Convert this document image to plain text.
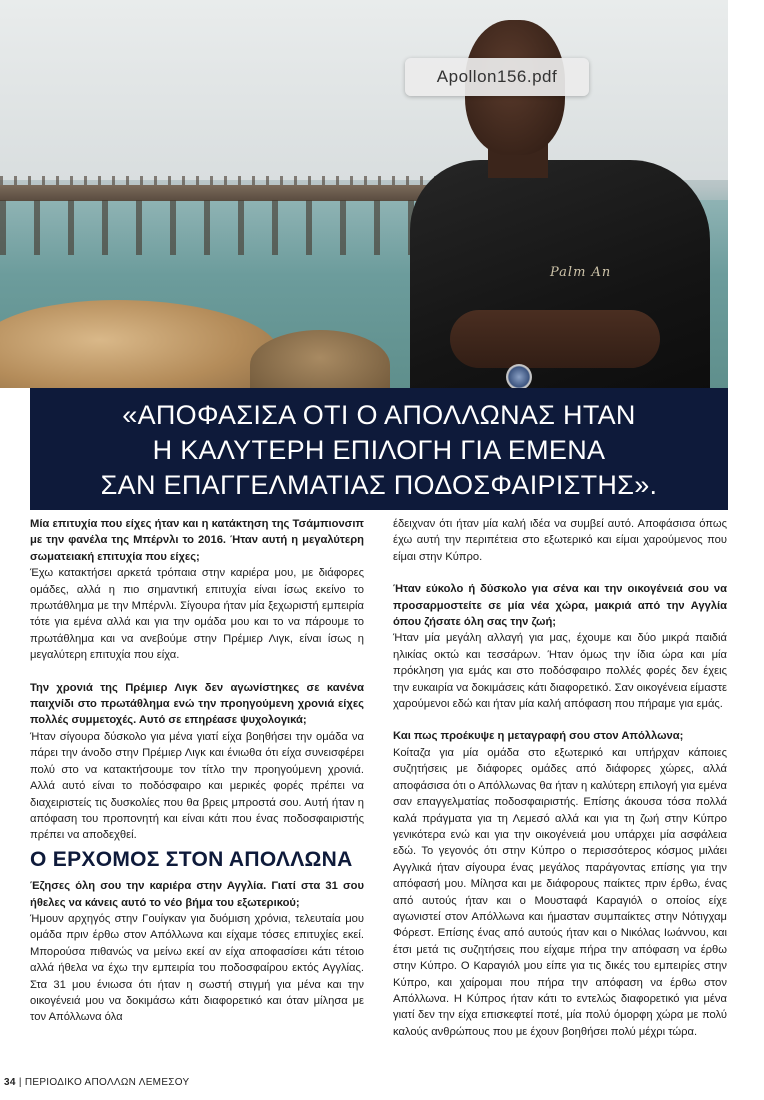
Palm An
Apollon156.pdf
«ΑΠΟΦΑΣΙΣΑ ΟΤΙ Ο ΑΠΟΛΛΩΝΑΣ ΗΤΑΝ
Η ΚΑΛΥΤΕΡΗ ΕΠΙΛΟΓΗ ΓΙΑ ΕΜΕΝΑ
ΣΑΝ ΕΠΑΓΓΕΛΜΑΤΙΑΣ ΠΟΔΟΣΦΑΙΡΙΣΤΗΣ».

Μία επιτυχία που είχες ήταν και η κατάκτηση της Τσάμπιονσιπ με την φανέλα της Μπέρνλι το 2016. Ήταν αυτή η μεγαλύτερη σωματειακή επιτυχία που είχες;

Έχω κατακτήσει αρκετά τρόπαια στην καριέρα μου, με διάφορες ομάδες, αλλά η πιο σημαντική επιτυχία είναι ίσως εκείνο το πρωτάθλημα με την Μπέρνλι. Σίγουρα ήταν μία ξεχωριστή εμπειρία τότε για εμένα αλλά και για την ομάδα μου και το να πάρουμε το πρωτάθλημα και να ανεβούμε στην Πρέμιερ Λιγκ, είναι ίσως η μεγαλύτερη επιτυχία που είχα.

Την χρονιά της Πρέμιερ Λιγκ δεν αγωνίστηκες σε κανένα παιχνίδι στο πρωτάθλημα ενώ την προηγούμενη χρονιά είχες πολλές συμμετοχές. Αυτό σε επηρέασε ψυχολογικά;

Ήταν σίγουρα δύσκολο για μένα γιατί είχα βοηθήσει την ομάδα να πάρει την άνοδο στην Πρέμιερ Λιγκ και ένιωθα ότι είχα συνεισφέρει πολύ στο να κατακτήσουμε τον τίτλο την προηγούμενη χρονιά. Αλλά αυτό είναι το ποδόσφαιρο και μερικές φορές πρέπει να διαχειριστείς τις δυσκολίες που θα βρεις μπροστά σου. Αυτή ήταν η απόφαση του προπονητή και είναι κάτι που ένας ποδοσφαιριστής πρέπει να αποδεχθεί.

Ο ΕΡΧΟΜΟΣ ΣΤΟΝ ΑΠΟΛΛΩΝΑ

Έζησες όλη σου την καριέρα στην Αγγλία. Γιατί στα 31 σου ήθελες να κάνεις αυτό το νέο βήμα του εξωτερικού;

Ήμουν αρχηγός στην Γουίγκαν για δυόμιση χρόνια, τελευταία μου ομάδα πριν έρθω στον Απόλλωνα και είχαμε τόσες επιτυχίες εκεί. Μπορούσα πιθανώς να μείνω εκεί αν είχα αποφασίσει κάτι τέτοιο αλλά ήθελα να έχω την εμπειρία του ποδοσφαίρου εκτός Αγγλίας. Στα 31 μου ένιωσα ότι ήταν η σωστή στιγμή για μένα και την οικογένειά μου να δοκιμάσω κάτι διαφορετικό και όταν μίλησα με τον Απόλλωνα όλα

έδειχναν ότι ήταν μία καλή ιδέα να συμβεί αυτό. Αποφάσισα όπως έχω αυτή την περιπέτεια στο εξωτερικό και είμαι χαρούμενος που είμαι στην Κύπρο.

Ήταν εύκολο ή δύσκολο για σένα και την οικογένειά σου να προσαρμοστείτε σε μία νέα χώρα, μακριά από την Αγγλία όπου ζήσατε όλη σας την ζωή;

Ήταν μία μεγάλη αλλαγή για μας, έχουμε και δύο μικρά παιδιά ηλικίας οκτώ και τεσσάρων. Ήταν όμως την ίδια ώρα και μία πρόκληση για εμάς και στο ποδόσφαιρο πολλές φορές δεν έχεις την ευκαιρία να δοκιμάσεις κάτι διαφορετικό. Σαν οικογένεια είμαστε χαρούμενοι εδώ και ήταν μία καλή απόφαση που πήραμε για εμάς.

Και πως προέκυψε η μεταγραφή σου στον Απόλλωνα;

Κοίταζα για μία ομάδα στο εξωτερικό και υπήρχαν κάποιες συζητήσεις με διάφορες ομάδες από διάφορες χώρες, αλλά αποφάσισα ότι ο Απόλλωνας θα ήταν η καλύτερη επιλογή για εμένα σαν επαγγελματίας ποδοσφαιριστής. Επίσης άκουσα τόσα πολλά καλά πράγματα για τη Λεμεσό αλλά και για τη ζωή στην Κύπρο γενικότερα ενώ και για την οικογένειά μου υπάρχει μία ασφάλεια εδώ. Το γεγονός ότι στην Κύπρο ο περισσότερος κόσμος μιλάει Αγγλικά ήταν σίγουρα ένας μεγάλος παράγοντας επίσης για την απόφασή μου. Μίλησα και με διάφορους παίκτες πριν έρθω, ένας από αυτούς ήταν και ο Μουσταφά Καραγιόλ ο οποίος είχε αγωνιστεί στον Απόλλωνα και ήμασταν συμπαίκτες στην Νότιγχαμ Φόρεστ. Επίσης ένας από αυτούς ήταν και ο Νικόλας Ιωάννου, και έτσι μετά τις συζητήσεις που είχαμε πήρα την απόφαση να έρθω στην Κύπρο. Ο Καραγιόλ μου είπε για τις δικές του εμπειρίες στην Κύπρο, και χαίρομαι που πήρα την απόφαση να έρθω στον Απόλλωνα. Η Κύπρος ήταν κάτι το εντελώς διαφορετικό για μένα γιατί δεν την είχα επισκεφτεί ποτέ, μία πολύ όμορφη χώρα με πολύ καλούς ανθρώπους που με έχουν βοηθήσει πολύ μέχρι τώρα.

34 | ΠΕΡΙΟΔΙΚΟ ΑΠΟΛΛΩΝ ΛΕΜΕΣΟΥ
